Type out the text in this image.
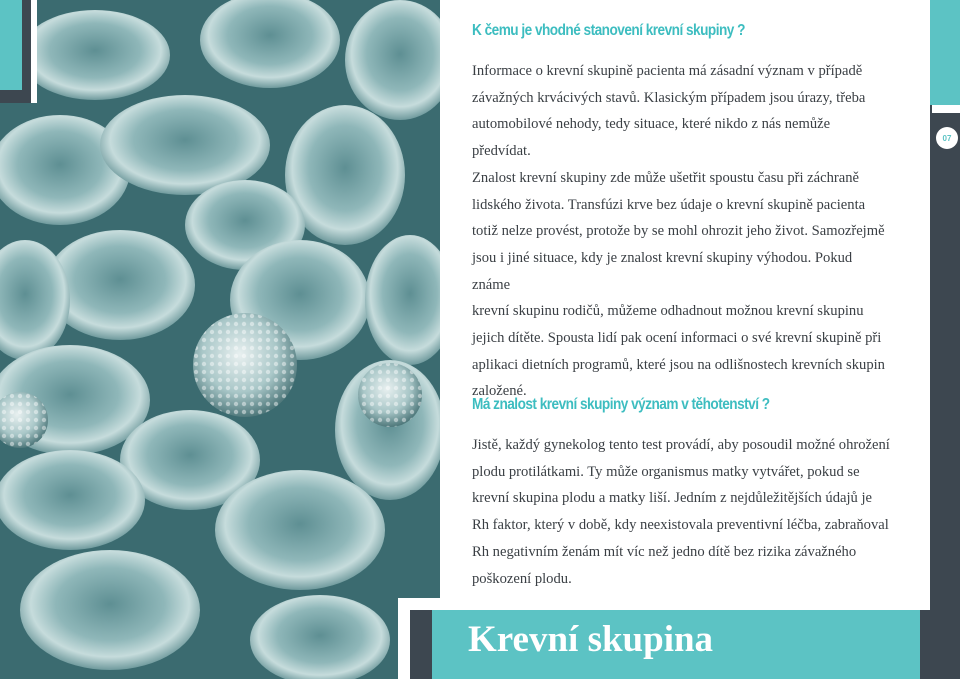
07
K čemu je vhodné stanovení krevní skupiny ?
Informace o krevní skupině pacienta má zásadní význam v případě
závažných krvácivých stavů. Klasickým případem jsou úrazy, třeba
automobilové nehody, tedy situace, které nikdo z nás nemůže předvídat.
Znalost krevní skupiny zde může ušetřit spoustu času při záchraně
lidského života. Transfúzi krve bez údaje o krevní skupině pacienta
totiž nelze provést, protože by se mohl ohrozit jeho život. Samozřejmě
jsou i jiné situace, kdy je znalost krevní skupiny výhodou. Pokud známe
krevní skupinu rodičů, můžeme odhadnout možnou krevní skupinu
jejich dítěte. Spousta lidí pak ocení informaci o své krevní skupině při
aplikaci dietních programů, které jsou na odlišnostech krevních skupin
založené.
Má znalost krevní skupiny význam v těhotenství ?
Jistě, každý gynekolog tento test provádí, aby posoudil možné ohrožení
plodu protilátkami. Ty může organismus matky vytvářet, pokud se
krevní skupina plodu a matky liší. Jedním z nejdůležitějších údajů je
Rh faktor, který v době, kdy neexistovala preventivní léčba, zabraňoval
Rh negativním ženám mít víc než jedno dítě bez rizika závažného
poškození plodu.
Krevní skupina
